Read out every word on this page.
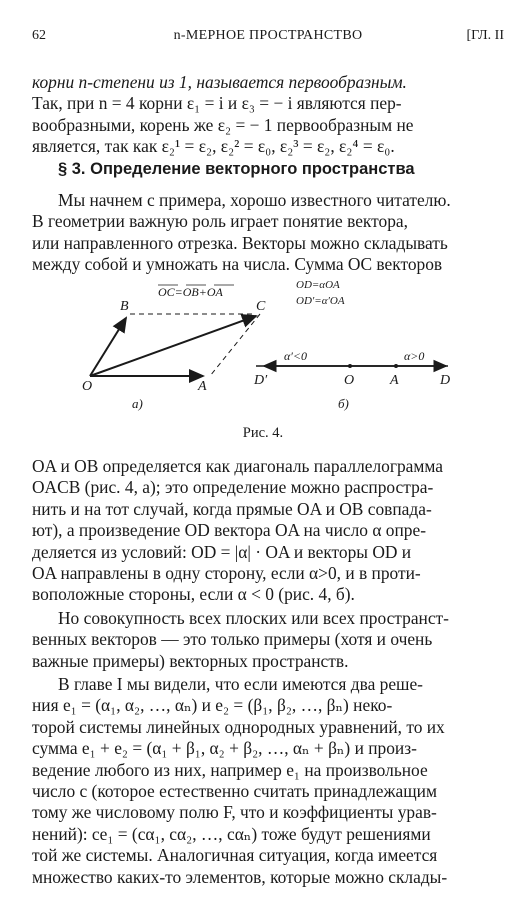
62	n-МЕРНОЕ ПРОСТРАНСТВО	[ГЛ. II
корни n-степени из 1, называется первообразным.
Так, при n = 4 корни ε₁ = i и ε₃ = − i являются пер-
вообразными, корень же ε₂ = − 1 первообразным не
является, так как ε₂¹ = ε₂, ε₂² = ε₀, ε₂³ = ε₂, ε₂⁴ = ε₀.
§ 3. Определение векторного пространства
Мы начнем с примера, хорошо известного читателю.
В геометрии важную роль играет понятие вектора,
или направленного отрезка. Векторы можно складывать
между собой и умножать на числа. Сумма OC векторов
OC=OB+OA
O	A
B	C
а)
OD=αOA
OD′=α′OA
α′<0	α>0
D′	O	A	D
б)
Рис. 4.
OA и OB определяется как диагональ параллелограмма
OACB (рис. 4, а); это определение можно распростра-
нить и на тот случай, когда прямые OA и OB совпада-
ют), а произведение OD вектора OA на число α опре-
деляется из условий: OD = |α| · OA и векторы OD и
OA направлены в одну сторону, если α>0, и в проти-
воположные стороны, если α < 0 (рис. 4, б).
Но совокупность всех плоских или всех пространст-
венных векторов — это только примеры (хотя и очень
важные примеры) векторных пространств.
В главе I мы видели, что если имеются два реше-
ния e₁ = (α₁, α₂, …, αₙ) и e₂ = (β₁, β₂, …, βₙ) неко-
торой системы линейных однородных уравнений, то их
сумма e₁ + e₂ = (α₁ + β₁, α₂ + β₂, …, αₙ + βₙ) и произ-
ведение любого из них, например e₁ на произвольное
число c (которое естественно считать принадлежащим
тому же числовому полю F, что и коэффициенты урав-
нений): ce₁ = (cα₁, cα₂, …, cαₙ) тоже будут решениями
той же системы. Аналогичная ситуация, когда имеется
множество каких-то элементов, которые можно склады-
